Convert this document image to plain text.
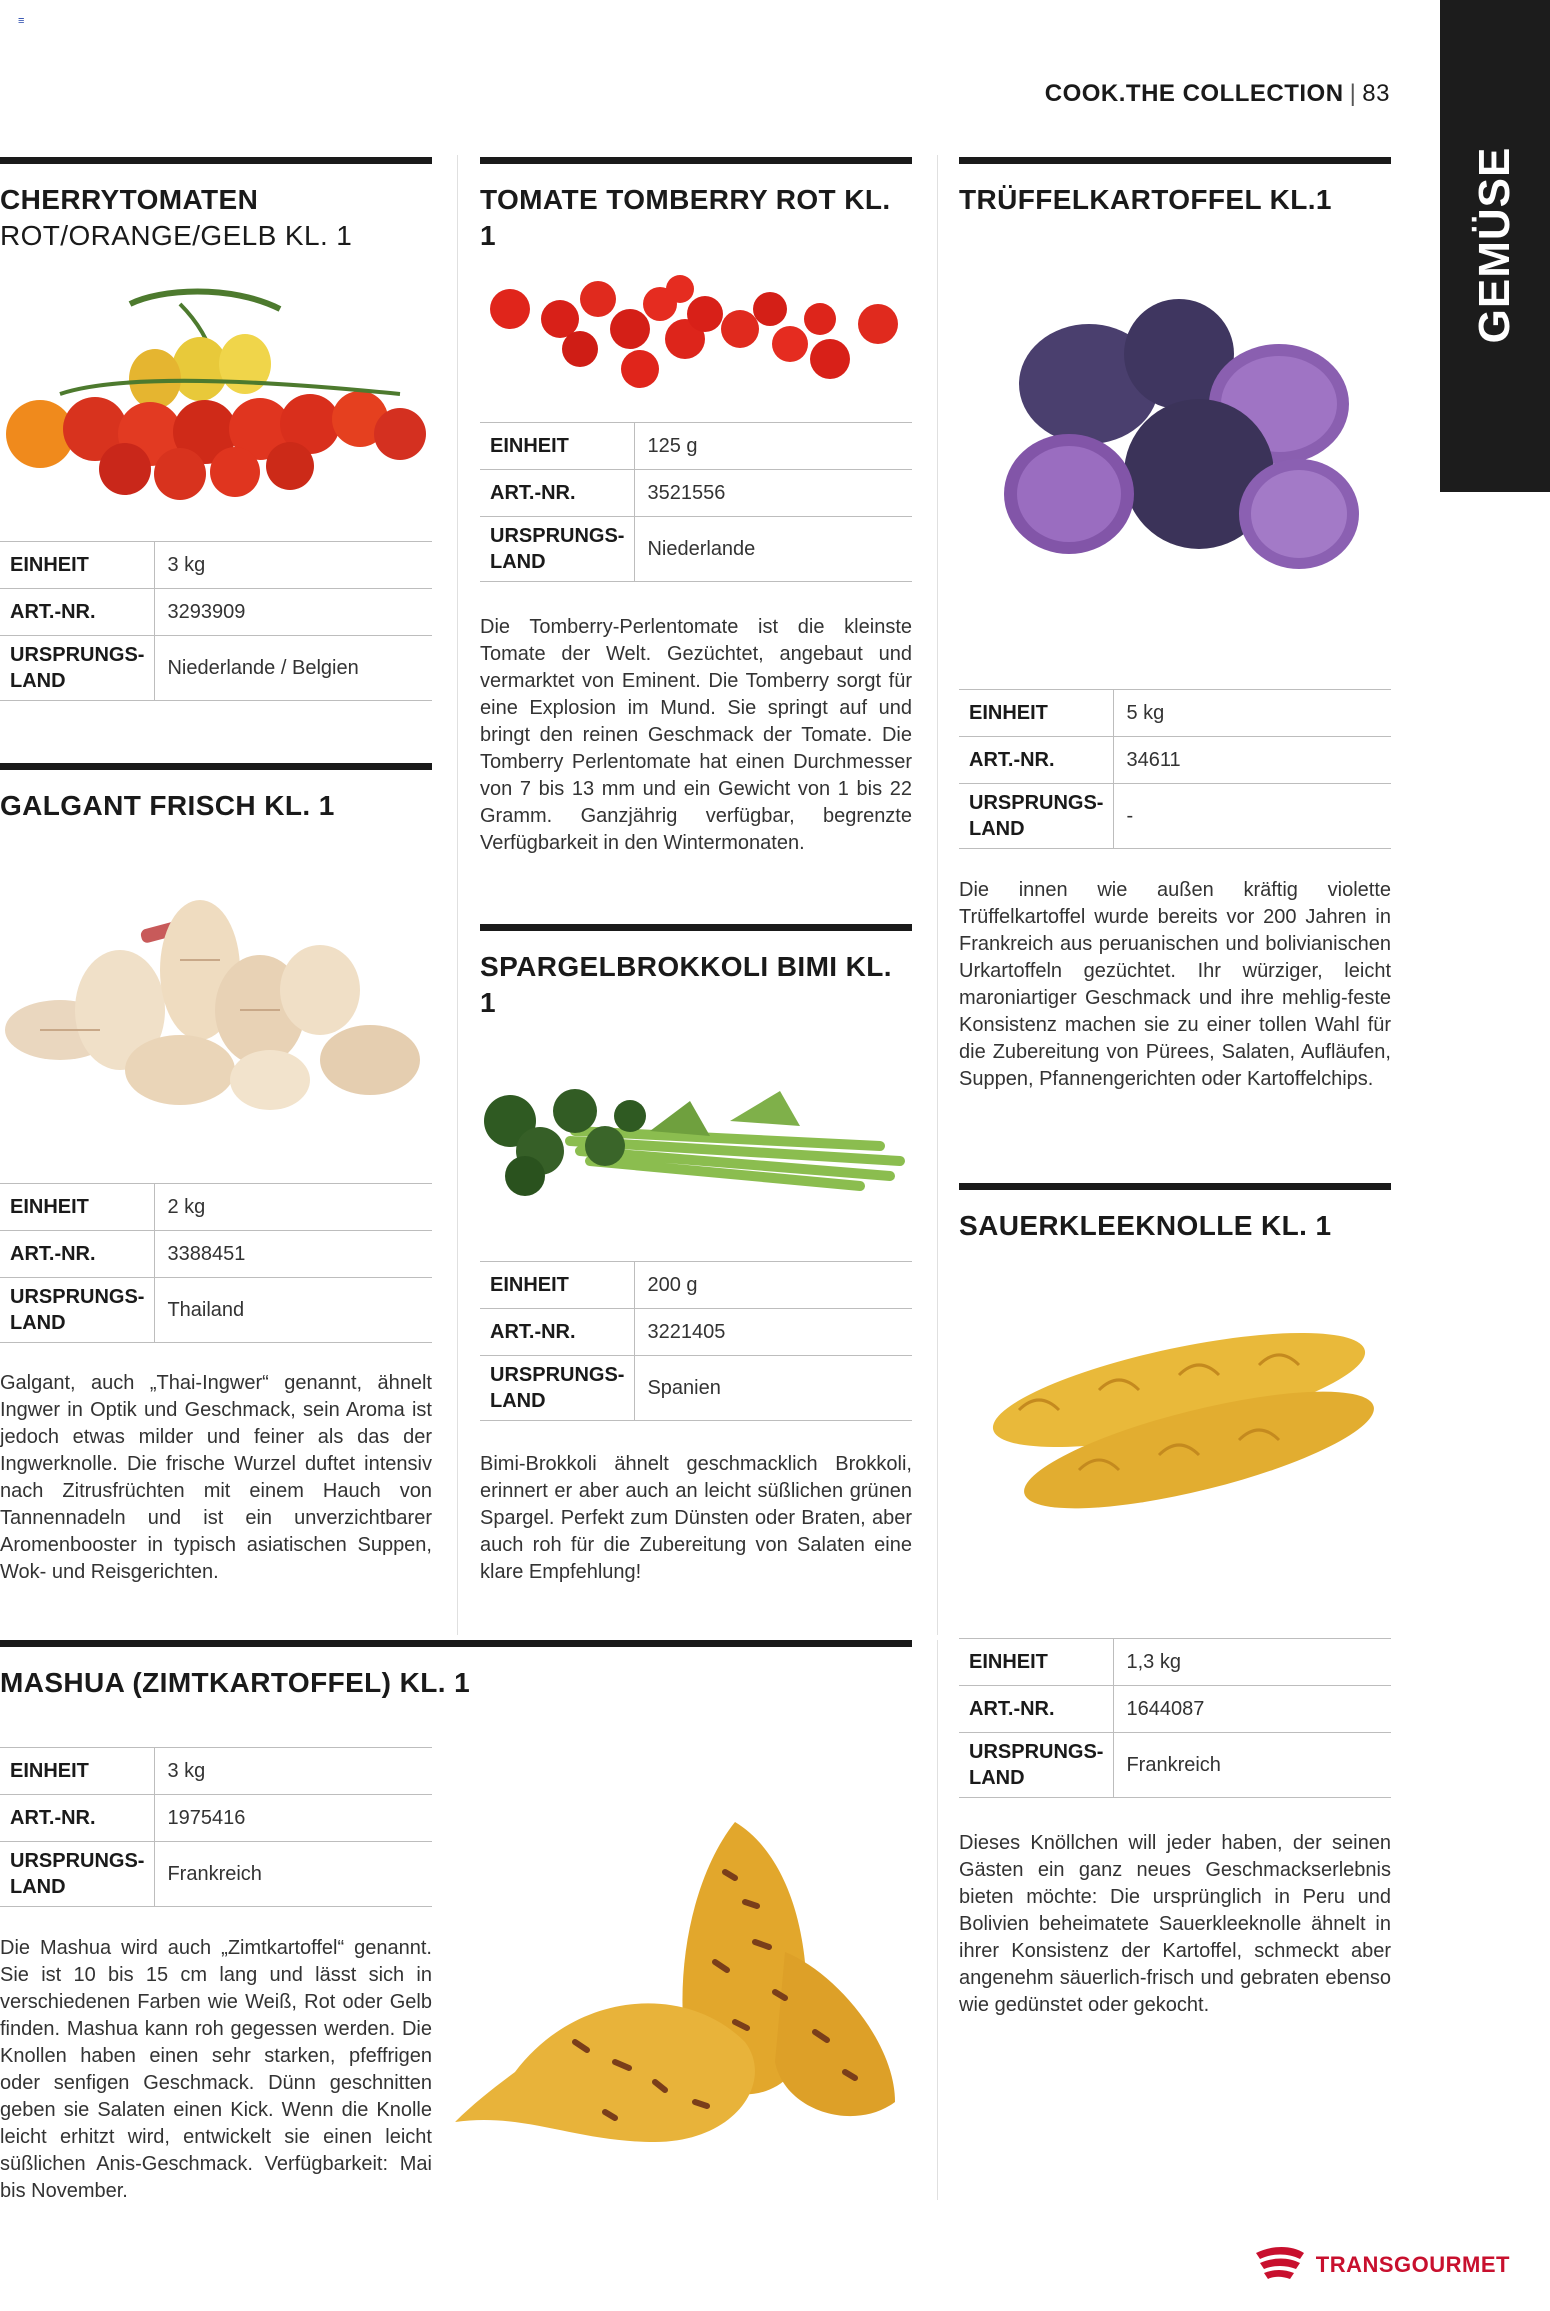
≡
COOK.THE COLLECTION | 83
GEMÜSE
CHERRYTOMATEN
ROT/ORANGE/GELB KL. 1
EINHEIT	3 kg
ART.-NR.	3293909
URSPRUNGS-
LAND	Niederlande / Belgien
GALGANT FRISCH KL. 1
EINHEIT	2 kg
ART.-NR.	3388451
URSPRUNGS-
LAND	Thailand
Galgant, auch „Thai-Ingwer“ genannt, ähnelt Ingwer in Optik und Geschmack, sein Aroma ist jedoch etwas milder und feiner als das der Ingwerknolle. Die frische Wurzel duftet intensiv nach Zitrusfrüchten mit einem Hauch von Tannennadeln und ist ein unverzichtbarer Aromenbooster in typisch asiatischen Suppen, Wok- und Reisgerichten.
TOMATE TOMBERRY ROT KL. 1
EINHEIT	125 g
ART.-NR.	3521556
URSPRUNGS-
LAND	Niederlande
Die Tomberry-Perlentomate ist die kleinste Tomate der Welt. Gezüchtet, angebaut und vermarktet von Eminent. Die Tomberry sorgt für eine Explosion im Mund. Sie springt auf und bringt den reinen Geschmack der Tomate. Die Tomberry Perlentomate hat einen Durchmesser von 7 bis 13 mm und ein Gewicht von 1 bis 22 Gramm. Ganzjährig verfügbar, begrenzte Verfügbarkeit in den Wintermonaten.
SPARGELBROKKOLI BIMI KL. 1
EINHEIT	200 g
ART.-NR.	3221405
URSPRUNGS-
LAND	Spanien
Bimi-Brokkoli ähnelt geschmacklich Brokkoli, erinnert er aber auch an leicht süßlichen grünen Spargel. Perfekt zum Dünsten oder Braten, aber auch roh für die Zubereitung von Salaten eine klare Empfehlung!
TRÜFFELKARTOFFEL KL.1
EINHEIT	5 kg
ART.-NR.	34611
URSPRUNGS-
LAND	-
Die innen wie außen kräftig violette Trüffelkartoffel wurde bereits vor 200 Jahren in Frankreich aus peruanischen und bolivianischen Urkartoffeln gezüchtet. Ihr würziger, leicht maroniartiger Geschmack und ihre mehlig-feste Konsistenz machen sie zu einer tollen Wahl für die Zubereitung von Pürees, Salaten, Aufläufen, Suppen, Pfannengerichten oder Kartoffelchips.
SAUERKLEEKNOLLE KL. 1
EINHEIT	1,3 kg
ART.-NR.	1644087
URSPRUNGS-
LAND	Frankreich
Dieses Knöllchen will jeder haben, der seinen Gästen ein ganz neues Geschmackserlebnis bieten möchte: Die ursprünglich in Peru und Bolivien beheimatete Sauerkleeknolle ähnelt in ihrer Konsistenz der Kartoffel, schmeckt aber angenehm säuerlich-frisch und gebraten ebenso wie gedünstet oder gekocht.
MASHUA (ZIMTKARTOFFEL) KL. 1
EINHEIT	3 kg
ART.-NR.	1975416
URSPRUNGS-
LAND	Frankreich
Die Mashua wird auch „Zimtkartoffel“ genannt. Sie ist 10 bis 15 cm lang und lässt sich in verschiedenen Farben wie Weiß, Rot oder Gelb finden. Mashua kann roh gegessen werden. Die Knollen haben einen sehr starken, pfeffrigen oder senfigen Geschmack. Dünn geschnitten geben sie Salaten einen Kick. Wenn die Knolle leicht erhitzt wird, entwickelt sie einen leicht süßlichen Anis-Geschmack. Verfügbarkeit: Mai bis November.
TRANSGOURMET
